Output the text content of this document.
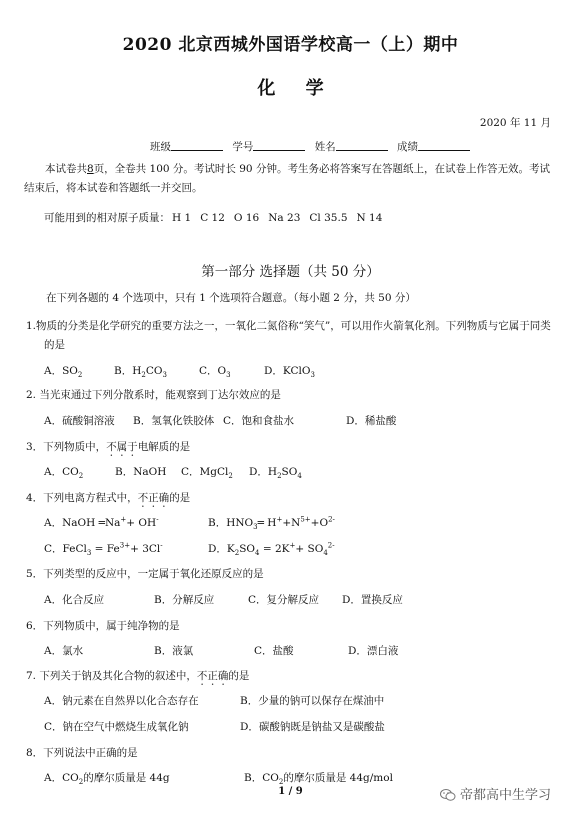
2020 北京西城外国语学校高一（上）期中
化 学
2020 年 11 月
班级	学号	姓名	成绩
本试卷共8页，全卷共 100 分。考试时长 90 分钟。考生务必将答案写在答题纸上，在试卷上作答无效。考试结束后，将本试卷和答题纸一并交回。
可能用到的相对原子质量： H 1 C 12 O 16 Na 23 Cl 35.5 N 14
第一部分 选择题（共 50 分）
在下列各题的 4 个选项中，只有 1 个选项符合题意。（每小题 2 分，共 50 分）
1.物质的分类是化学研究的重要方法之一，一氧化二氮俗称“笑气”，可以用作火箭氧化剂。下列物质与它属于同类
的是
A．$SO_2$	B．$H_2CO_3$	C．$O_3$	D．KClO$_3$
2. 当光束通过下列分散系时，能观察到丁达尔效应的是
A．硫酸铜溶液 B．氢氧化铁胶体 C．饱和食盐水	D．稀盐酸
3．下列物质中，不属于电解质的是
A．$CO_2$	B．NaOH C．MgCl$_2$ D．$H_2SO_4$
4．下列电离方程式中，不正确的是
A．NaOH ═Na++ OH-	B．$HNO_3═$ $H^++N^{5+}+O^{2-}$
C．FeCl$_3$ = $Fe^{3+}+ 3Cl^-$	D．$K_2SO_4 = 2K^++ SO_4^{2-}$
5．下列类型的反应中，一定属于氧化还原反应的是
A．化合反应	B．分解反应	C．复分解反应 D．置换反应
6．下列物质中，属于纯净物的是
A．氯水	B．液氯	C．盐酸	D．漂白液
7. 下列关于钠及其化合物的叙述中，不正确的是
A．钠元素在自然界以化合态存在	B．少量的钠可以保存在煤油中
C．钠在空气中燃烧生成氧化钠	D．碳酸钠既是钠盐又是碳酸盐
8．下列说法中正确的是
A．$CO_2$的摩尔质量是 44g	B．$CO_2$的摩尔质量是 44g/mol
1 / 9	帝都高中生学习
